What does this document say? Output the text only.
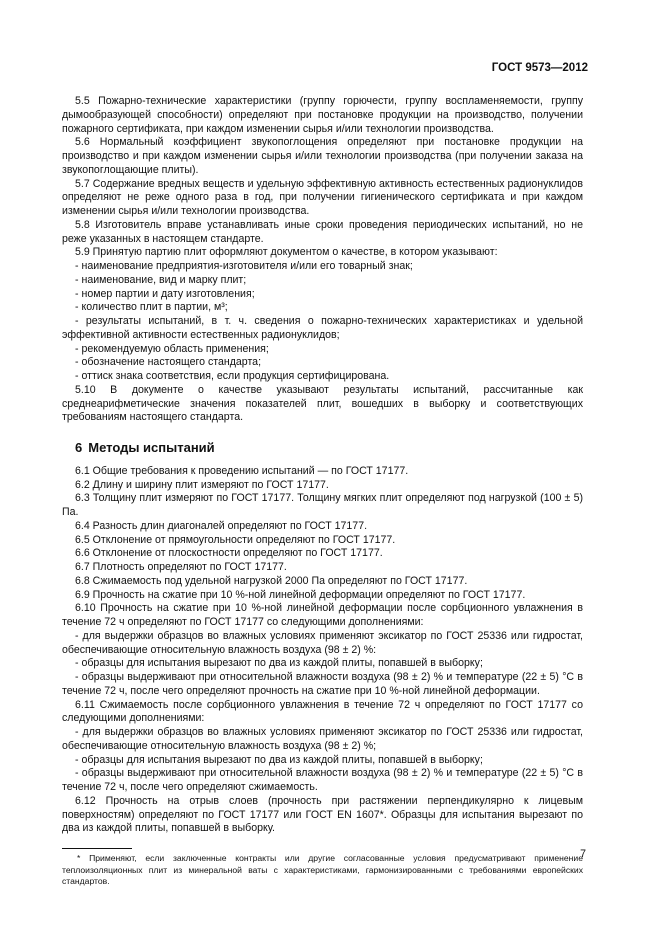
ГОСТ 9573—2012

5.5 Пожарно-технические характеристики (группу горючести, группу воспламеняемости, группу дымообразующей способности) определяют при постановке продукции на производство, получении пожарного сертификата, при каждом изменении сырья и/или технологии производства.

5.6 Нормальный коэффициент звукопоглощения определяют при постановке продукции на производство и при каждом изменении сырья и/или технологии производства (при получении заказа на звукопоглощающие плиты).

5.7 Содержание вредных веществ и удельную эффективную активность естественных радионуклидов определяют не реже одного раза в год, при получении гигиенического сертификата и при каждом изменении сырья и/или технологии производства.

5.8 Изготовитель вправе устанавливать иные сроки проведения периодических испытаний, но не реже указанных в настоящем стандарте.

5.9 Принятую партию плит оформляют документом о качестве, в котором указывают:

- наименование предприятия-изготовителя и/или его товарный знак;

- наименование, вид и марку плит;

- номер партии и дату изготовления;

- количество плит в партии, м³;

- результаты испытаний, в т. ч. сведения о пожарно-технических характеристиках и удельной эффективной активности естественных радионуклидов;

- рекомендуемую область применения;

- обозначение настоящего стандарта;

- оттиск знака соответствия, если продукция сертифицирована.

5.10 В документе о качестве указывают результаты испытаний, рассчитанные как среднеарифметические значения показателей плит, вошедших в выборку и соответствующих требованиям настоящего стандарта.

6 Методы испытаний

6.1 Общие требования к проведению испытаний — по ГОСТ 17177.

6.2 Длину и ширину плит измеряют по ГОСТ 17177.

6.3 Толщину плит измеряют по ГОСТ 17177. Толщину мягких плит определяют под нагрузкой (100 ± 5) Па.

6.4 Разность длин диагоналей определяют по ГОСТ 17177.

6.5 Отклонение от прямоугольности определяют по ГОСТ 17177.

6.6 Отклонение от плоскостности определяют по ГОСТ 17177.

6.7 Плотность определяют по ГОСТ 17177.

6.8 Сжимаемость под удельной нагрузкой 2000 Па определяют по ГОСТ 17177.

6.9 Прочность на сжатие при 10 %-ной линейной деформации определяют по ГОСТ 17177.

6.10 Прочность на сжатие при 10 %-ной линейной деформации после сорбционного увлажнения в течение 72 ч определяют по ГОСТ 17177 со следующими дополнениями:

- для выдержки образцов во влажных условиях применяют эксикатор по ГОСТ 25336 или гидростат, обеспечивающие относительную влажность воздуха (98 ± 2) %:

- образцы для испытания вырезают по два из каждой плиты, попавшей в выборку;

- образцы выдерживают при относительной влажности воздуха (98 ± 2) % и температуре (22 ± 5) °С в течение 72 ч, после чего определяют прочность на сжатие при 10 %-ной линейной деформации.

6.11 Сжимаемость после сорбционного увлажнения в течение 72 ч определяют по ГОСТ 17177 со следующими дополнениями:

- для выдержки образцов во влажных условиях применяют эксикатор по ГОСТ 25336 или гидростат, обеспечивающие относительную влажность воздуха (98 ± 2) %;

- образцы для испытания вырезают по два из каждой плиты, попавшей в выборку;

- образцы выдерживают при относительной влажности воздуха (98 ± 2) % и температуре (22 ± 5) °С в течение 72 ч, после чего определяют сжимаемость.

6.12 Прочность на отрыв слоев (прочность при растяжении перпендикулярно к лицевым поверхностям) определяют по ГОСТ 17177 или ГОСТ EN 1607*. Образцы для испытания вырезают по два из каждой плиты, попавшей в выборку.

* Применяют, если заключенные контракты или другие согласованные условия предусматривают применение теплоизоляционных плит из минеральной ваты с характеристиками, гармонизированными с требованиями европейских стандартов.
7
